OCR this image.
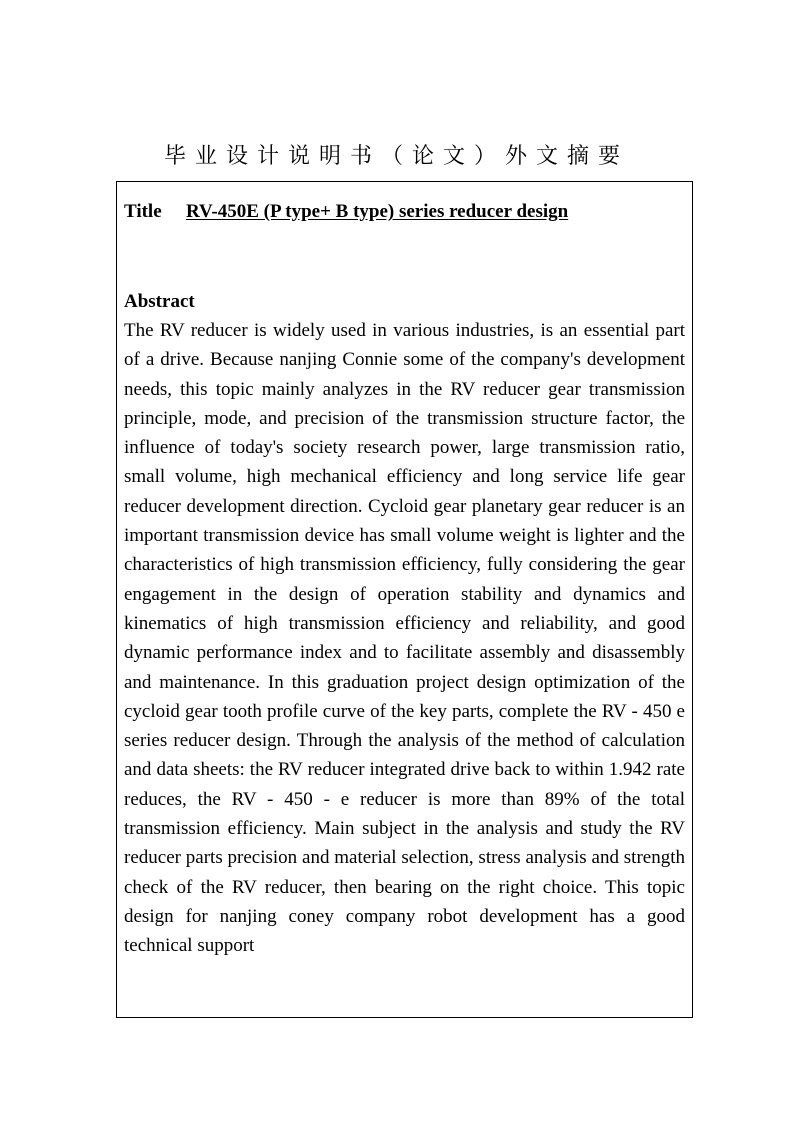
毕业设计说明书（论文）外文摘要

Title RV-450E (P type+ B type) series reducer design

Abstract

The RV reducer is widely used in various industries, is an essential part of a drive. Because nanjing Connie some of the company's development needs, this topic mainly analyzes in the RV reducer gear transmission principle, mode, and precision of the transmission structure factor, the influence of today's society research power, large transmission ratio, small volume, high mechanical efficiency and long service life gear reducer development direction. Cycloid gear planetary gear reducer is an important transmission device has small volume weight is lighter and the characteristics of high transmission efficiency, fully considering the gear engagement in the design of operation stability and dynamics and kinematics of high transmission efficiency and reliability, and good dynamic performance index and to facilitate assembly and disassembly and maintenance. In this graduation project design optimization of the cycloid gear tooth profile curve of the key parts, complete the RV - 450 e series reducer design. Through the analysis of the method of calculation and data sheets: the RV reducer integrated drive back to within 1.942 rate reduces, the RV - 450 - e reducer is more than 89% of the total transmission efficiency. Main subject in the analysis and study the RV reducer parts precision and material selection, stress analysis and strength check of the RV reducer, then bearing on the right choice. This topic design for nanjing coney company robot development has a good technical support
